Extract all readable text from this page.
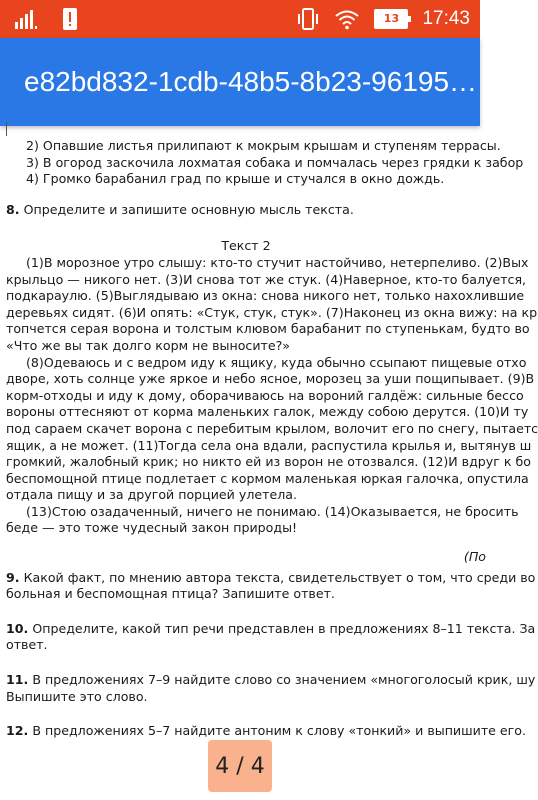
13	17:43
e82bd832-1cdb-48b5-8b23-96195…
2) Опавшие листья прилипают к мокрым крышам и ступеням террасы.
3) В огород заскочила лохматая собака и помчалась через грядки к забор
4) Громко барабанил град по крыше и стучался в окно дождь.
8. Определите и запишите основную мысль текста.
Текст 2
(1)В морозное утро слышу: кто-то стучит настойчиво, нетерпеливо. (2)Вых
крыльцо — никого нет. (3)И снова тот же стук. (4)Наверное, кто-то балуется,
подкараулю. (5)Выглядываю из окна: снова никого нет, только нахохлившие
деревьях сидят. (6)И опять: «Стук, стук, стук». (7)Наконец из окна вижу: на кр
топчется серая ворона и толстым клювом барабанит по ступенькам, будто во
«Что же вы так долго корм не выносите?»
(8)Одеваюсь и с ведром иду к ящику, куда обычно ссыпают пищевые отхо
дворе, хоть солнце уже яркое и небо ясное, морозец за уши пощипывает. (9)В
корм-отходы и иду к дому, оборачиваюсь на вороний галдёж: сильные бессо
вороны оттесняют от корма маленьких галок, между собою дерутся. (10)И ту
под сараем скачет ворона с перебитым крылом, волочит его по снегу, пытаетс
ящик, а не может. (11)Тогда села она вдали, распустила крылья и, вытянув ш
громкий, жалобный крик; но никто ей из ворон не отозвался. (12)И вдруг к бо
беспомощной птице подлетает с кормом маленькая юркая галочка, опустила
отдала пищу и за другой порцией улетела.
(13)Стою озадаченный, ничего не понимаю. (14)Оказывается, не бросить
беде — это тоже чудесный закон природы!
(По
9. Какой факт, по мнению автора текста, свидетельствует о том, что среди во
больная и беспомощная птица? Запишите ответ.
10. Определите, какой тип речи представлен в предложениях 8–11 текста. За
ответ.
11. В предложениях 7–9 найдите слово со значением «многоголосый крик, шу
Выпишите это слово.
12. В предложениях 5–7 найдите антоним к слову «тонкий» и выпишите его.
4 / 4
